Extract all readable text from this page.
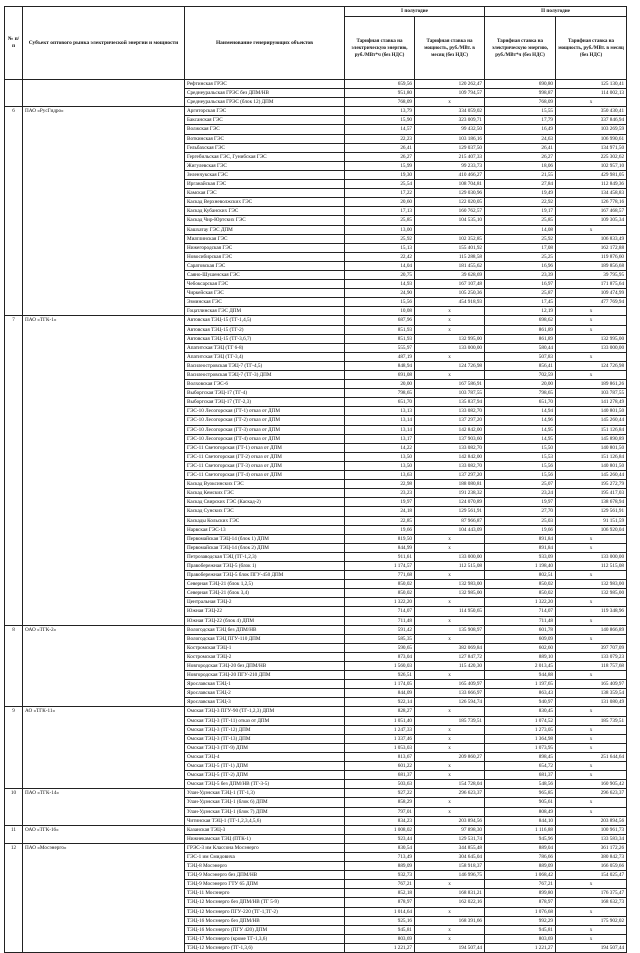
№ п/п	Субъект оптового рынка электрической энергии и мощности	Наименование генерирующих объектов	I полугодие		II полугодие	
			Тарифная ставка на электрическую энергию, руб./МВт*ч (без НДС)	Тарифная ставка на мощность, руб./МВт. в месяц (без НДС)	Тарифная ставка на электрическую энергию, руб./МВт*ч (без НДС)	Тарифная ставка на мощность, руб./МВт. в месяц (без НДС)
		Рефтинская ГРЭС	659,56	120 262,47	690,80	125 130,41
		Среднеуральская ГРЭС без ДПМ/НВ	951,80	109 794,57	998,87	114 002,13
		Среднеуральская ГРЭС (блок 12) ДПМ	768,09	x	768,09	x
6	ПАО «РусГидро»	Аргиторская ГЭС	13,79	334 059,02	15,55	350 430,41
		Баксанская ГЭС	15,90	323 009,71	17,79	337 846,94
		Волжская ГЭС	14,57	99 432,50	16,49	103 269,59
		Воткинская ГЭС	22,23	103 186,16	24,63	106 990,61
		Гельбахская ГЭС	26,41	129 037,50	26,41	134 971,50
		Гергебильская ГЭС, Гунибская ГЭС	26,27	215 407,33	26,27	225 302,62
		Жигулевская ГЭС	15,99	99 233,73	18,06	102 957,10
		Зеленчукская ГЭС	19,30	410 466,27	21,55	429 981,05
		Ирганайская ГЭС	25,54	108 704,81	27,84	112 849,36
		Камская ГЭС	17,22	129 030,96	19,49	134 458,83
		Каскад Верхневолжских ГЭС	20,60	122 020,05	22,92	126 778,16
		Каскад Кубанских ГЭС	17,13	160 762,57	19,17	167 468,57
		Каскад Чир-Юртских ГЭС	25,85	104 535,10	25,85	109 305,34
		Кашхатау ГЭС ДПМ	13,00		14,08	x
		Миатлинская ГЭС	25,92	102 352,85	25,92	106 833,49
		Нижегородская ГЭС	15,13	155 401,92	17,08	162 172,88
		Новосибирская ГЭС	22,42	115 288,58	25,25	119 876,60
		Саратовская ГЭС	14,04	181 455,62	16,96	189 856,68
		Саяно-Шушенская ГЭС	20,75	39 628,69	23,39	39 795,95
		Чебоксарская ГЭС	14,93	167 107,48	16,97	171 875,64
		Чиркейская ГЭС	24,90	105 250,36	25,87	109 474,99
		Эзминская ГЭС	15,56	454 918,93	17,45	477 769,94
		Гоцатлинская ГЭС ДПМ	10,08	x	12,19	x
7	ПАО «ТГК-1»	Автовская ТЭЦ-15 (ТГ-1,4,5)	687,96	x	698,62	x
		Автовская ТЭЦ-15 (ТГ-2)	851,93	x	861,89	x
		Автовская ТЭЦ-15 (ТГ-3,6,7)	851,93	132 995,00	861,89	132 995,00
		Апатитская ТЭЦ (ТГ 6-8)	555,97	133 000,00	580,44	133 000,00
		Апатитская ТЭЦ (ТГ-3,4)	487,19	x	507,83	x
		Василеостровская ТЭЦ-7 (ТГ-4,5)	848,94	124 726,98	856,41	124 726,98
		Василеостровская ТЭЦ-7 (ТГ-3) ДПМ	691,08	x	702,59	x
		Волховская ГЭС-6	20,00	167 586,91	20,00	189 861,26
		Выборгская ТЭЦ-17 (ТГ-4)	798,65	103 787,55	798,65	103 787,55
		Выборгская ТЭЦ-17 (ТГ-2,3)	651,70	135 837,94	651,70	141 278,49
		ГЭС-10 Лесогорская (ГТ-1) отказ от ДПМ	13,13	133 082,70	14,94	140 801,50
		ГЭС-10 Лесогорская (ГТ-2) отказ от ДПМ	13,14	137 297,20	14,96	145 260,44
		ГЭС-10 Лесогорская (ГТ-3) отказ от ДПМ	13,14	142 842,00	14,95	151 126,84
		ГЭС-10 Лесогорская (ГТ-4) отказ от ДПМ	13,17	137 903,60	14,95	145 890,89
		ГЭС-11 Светогорская (ГТ-1) отказ от ДПМ	14,22	133 082,70	15,50	140 801,50
		ГЭС-11 Светогорская (ГТ-2) отказ от ДПМ	13,50	142 842,00	15,53	151 126,84
		ГЭС-11 Светогорская (ГТ-3) отказ от ДПМ	13,50	133 082,70	15,56	140 801,50
		ГЭС-11 Светогорская (ГТ-4) отказ от ДПМ	13,63	137 297,20	15,56	145 260,44
		Каскад Вуоксинских ГЭС	22,98	188 080,81	25,07	195 272,79
		Каскад Кемских ГЭС	23,23	191 238,32	23,24	195 417,03
		Каскад Свирских ГЭС (Каскад-2)	19,97	124 070,89	19,97	138 678,94
		Каскад Сунских ГЭС	24,18	129 561,91	27,70	129 561,91
		Каскады Кольских ГЭС	22,85	87 966,87	25,03	91 151,59
		Нарвская ГЭС-13	19,66	104 443,09	19,66	106 920,04
		Первомайская ТЭЦ-14 (блок 1) ДПМ	819,50	x	891,84	x
		Первомайская ТЭЦ-14 (блок 2) ДПМ	844,99	x	891,84	x
		Петрозаводская ТЭЦ (ТГ-1,2,3)	911,61	133 000,00	933,09	133 000,00
		Правобережная ТЭЦ-5 (блок 1)	1 174,57	112 515,08	1 198,40	112 515,08
		Правобережная ТЭЦ-5 блок ПГУ-450 ДПМ	771,68	x	802,51	x
		Северная ТЭЦ-21 (блок 1,2,5)	850,02	132 983,00	850,02	132 983,00
		Северная ТЭЦ-21 (блок 3,4)	850,02	132 985,00	850,02	132 985,00
		Центральная ТЭЦ-2	1 322,20	x	1 322,20	x
		Южная ТЭЦ-22	714,07	114 950,65	714,07	119 348,96
		Южная ТЭЦ-22 (блок 4) ДПМ	711,48	x	711,48	x
8	ОАО «ТГК-2»	Вологодская ТЭЦ без ДПМ/НВ	591,42	135 908,97	601,78	140 866,89
		Вологодская ТЭЦ ПГУ-110 ДПМ	585,35	x	609,09	x
		Костромская ТЭЦ-1	590,65	382 069,84	602,60	397 707,09
		Костромская ТЭЦ-2	873,04	127 847,72	889,10	133 079,23
		Новгородская ТЭЦ-20 без ДПМ/НВ	1 560,03	115 420,30	2 013,45	118 757,68
		Новгородская ТЭЦ-20 ПГУ-210 ДПМ	926,51	x	944,88	x
		Ярославская ТЭЦ-1	1 174,05	165 409,97	1 197,65	165 409,97
		Ярославская ТЭЦ-2	844,09	133 666,97	863,43	138 359,54
		Ярославская ТЭЦ-3	922,14	126 594,74	940,97	131 080,49
9	АО «ТГК-11»	Омская ТЭЦ-3 ПГУ-90 (ТГ-1,2,3) ДПМ	828,27	x	830,45	x
		Омская ТЭЦ-3 (ТГ-11) отказ от ДПМ	1 051,40	185 739,51	1 074,52	185 739,51
		Омская ТЭЦ-3 (ТГ-12) ДПМ	1 247,33	x	1 273,05	x
		Омская ТЭЦ-3 (ТГ-13) ДПМ	1 337,46	x	1 364,98	x
		Омская ТЭЦ-3 (ТГ-9) ДПМ	1 053,03	x	1 073,95	x
		Омская ТЭЦ-4	813,67	209 860,27	898,45	251 644,64
		Омская ТЭЦ-5 (ТГ-1) ДПМ	601,22	x	654,72	x
		Омская ТЭЦ-5 (ТГ-2) ДПМ	681,37	x	681,37	x
		Омская ТЭЦ-5 без ДПМ/НВ (ТГ-3-5)	503,63	154 728,04	548,56	160 905,42
10	ПАО «ТГК-14»	Улан-Удэнская ТЭЦ-1 (ТГ-1,3)	927,22	296 623,37	965,85	296 623,37
		Улан-Удэнская ТЭЦ-1 (блок 6) ДПМ	858,29	x	905,61	x
		Улан-Удэнская ТЭЦ-1 (блок 7) ДПМ	797,01	x	808,49	x
		Читинская ТЭЦ-1 (ТГ-1,2,3,4,5,6)	834,23	203 894,56	844,10	203 894,56
11	ОАО «ТГК-16»	Казанская ТЭЦ-3	1 008,02	97 898,30	1 116,88	100 961,73
		Нижнекамская ТЭЦ (ПТК-1)	923,44	129 531,74	945,96	133 583,34
12	ПАО «Мосэнерго»	ГРЭС-3 им Классона Мосэнерго	830,54	344 855,48	889,04	361 172,26
		ГЭС-1 им Смидовича	713,49	304 645,04	786,66	380 842,73
		ТЭЦ-8 Мосэнерго	889,09	158 918,37	889,09	166 059,66
		ТЭЦ-9 Мосэнерго без ДПМ/НВ	932,73	146 996,75	1 068,42	154 025,47
		ТЭЦ-9 Мосэнерго ГТУ 65 ДПМ	767,21	x	767,21	x
		ТЭЦ-11 Мосэнерго	852,18	168 831,21	899,80	176 375,47
		ТЭЦ-12 Мосэнерго без ДПМ/НВ (ТГ 5-9)	878,97	162 022,16	878,97	168 632,73
		ТЭЦ-12 Мосэнерго ПГУ-220 (ТГ-1,ТГ-2)	1 014,64	x	1 076,68	x
		ТЭЦ-16 Мосэнерго без ДПМ/НВ	925,16	168 391,66	992,29	175 902,02
		ТЭЦ-16 Мосэнерго (ПГУ 420) ДПМ	945,81	x	945,81	x
		ТЭЦ-17 Мосэнерго (кроме ТГ-1,3,6)	803,69	x	803,69	x
		ТЭЦ-12 Мосэнерго (ТГ-1,3,6)	1 221,27	194 507,44	1 221,27	194 507,44
